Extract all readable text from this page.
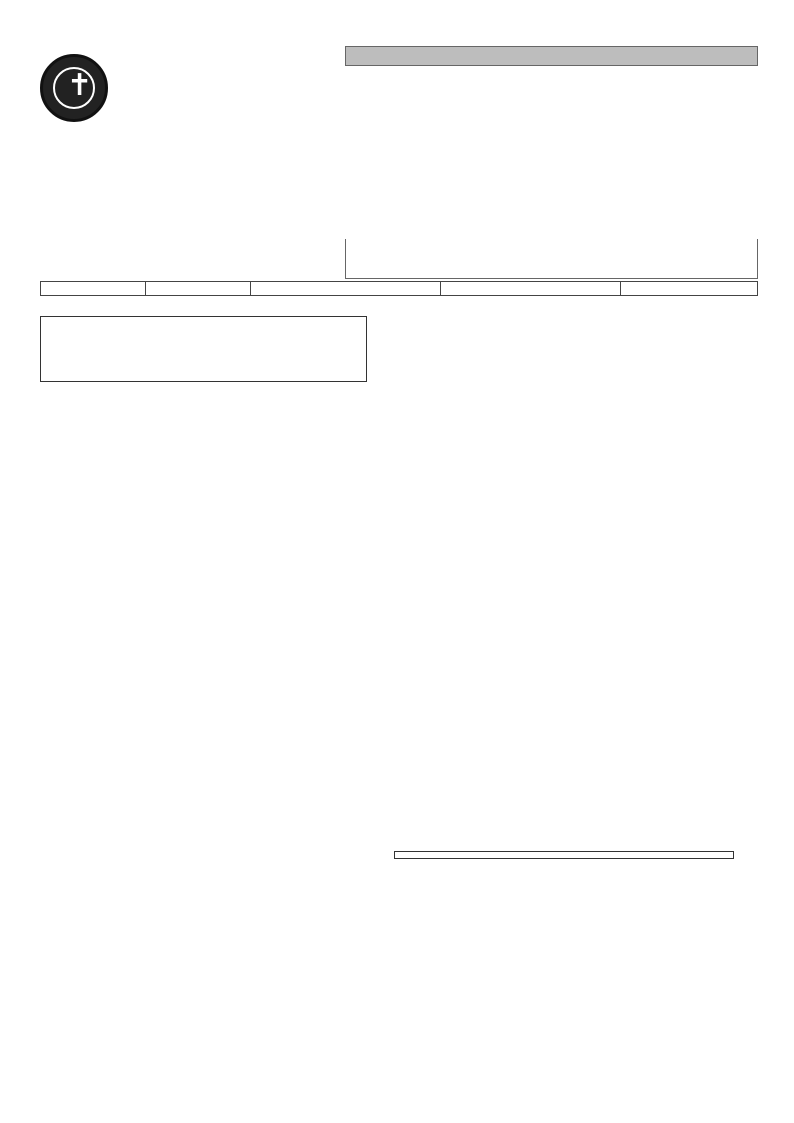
✝
